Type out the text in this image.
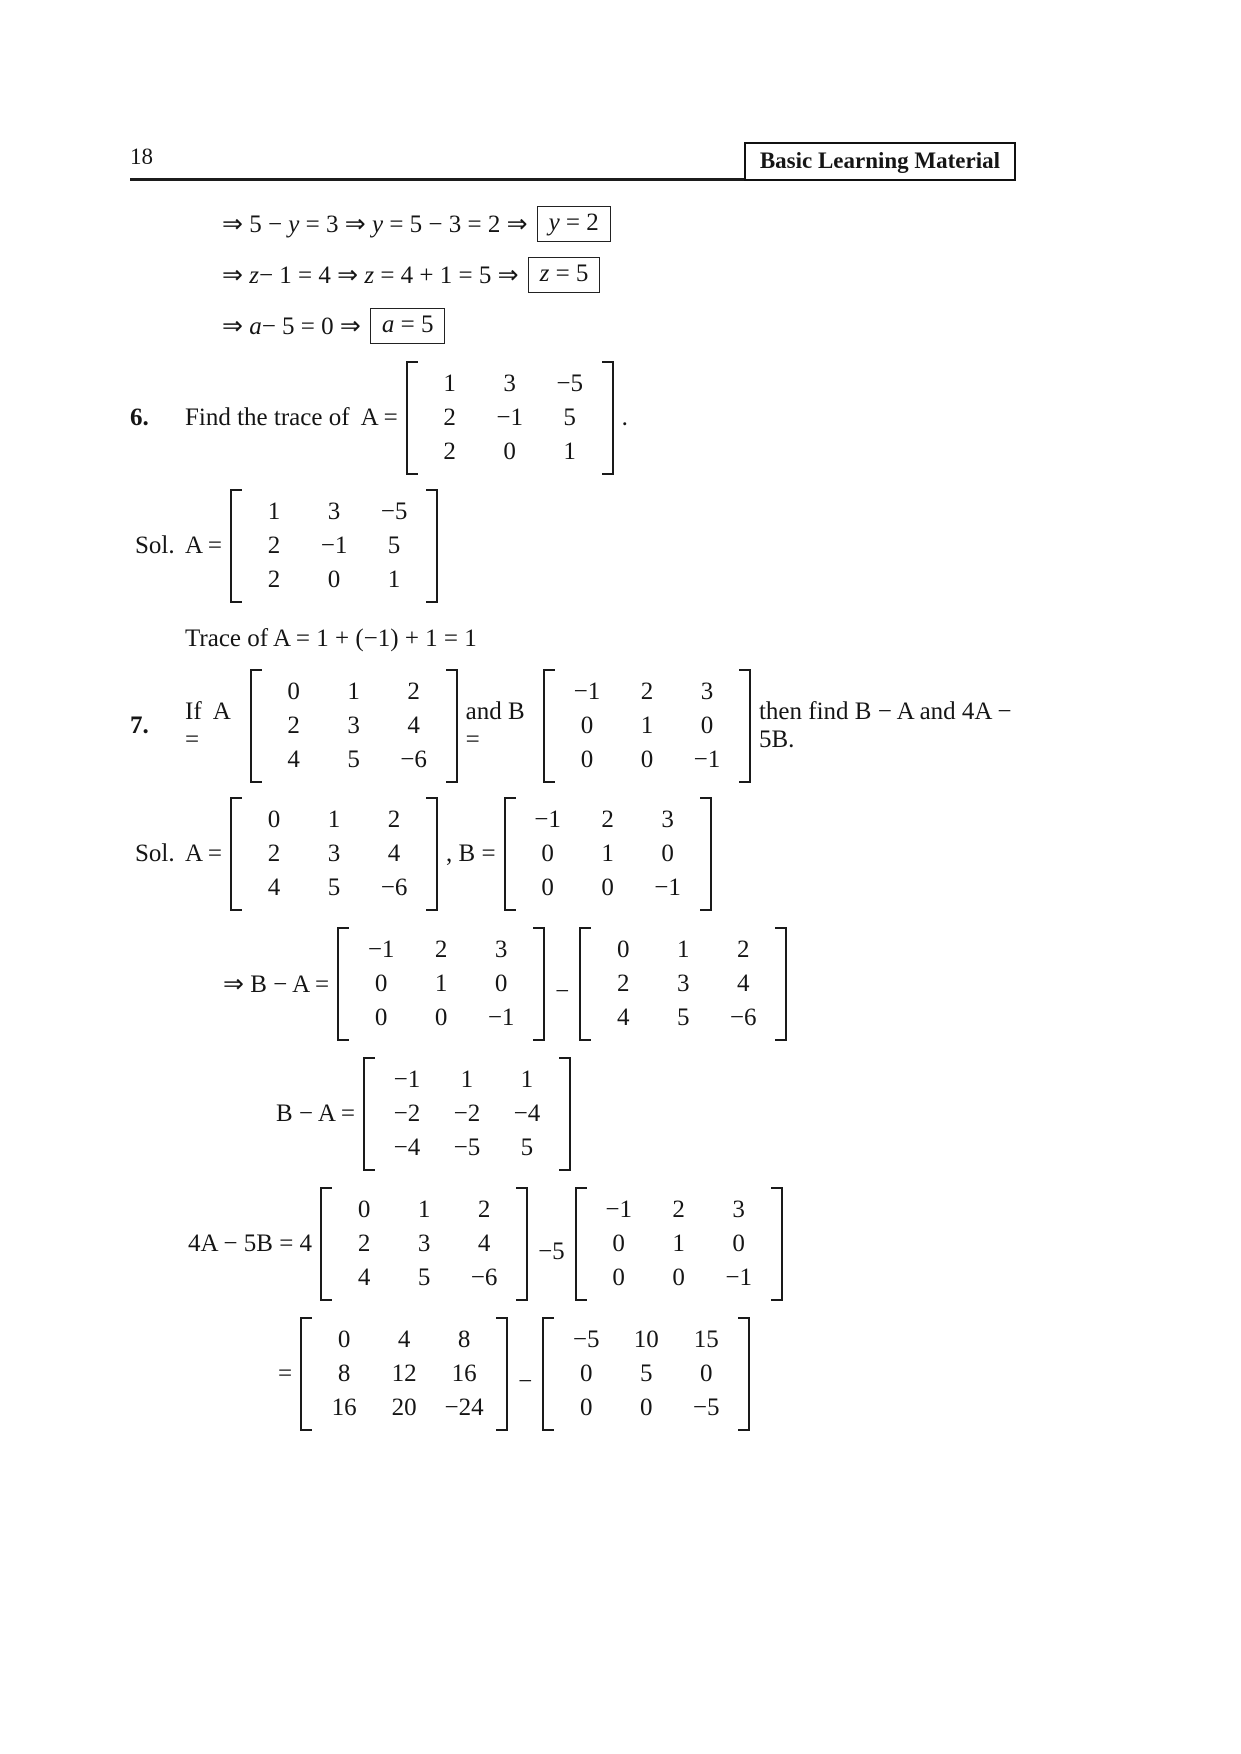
18	Basic Learning Material
⇒ 5 − y = 3 ⇒ y = 5 − 3 = 2 ⇒ y = 2
⇒ z− 1 = 4 ⇒ z = 4 + 1 = 5 ⇒ z = 5
⇒ a− 5 = 0 ⇒ a = 5
6.	Find the trace of  A =
1	3	−5
2	−1	5
2	0	1
.
Sol. A =
1	3	−5
2	−1	5
2	0	1
Trace of A = 1 + (−1) + 1 = 1
7.
If  A =
0	1	2
2	3	4
4	5	−6
and B =
−1	2	3
0	1	0
0	0	−1
then find B − A and 4A − 5B.
Sol. A =
0	1	2
2	3	4
4	5	−6
, B =
−1	2	3
0	1	0
0	0	−1
⇒ B − A =
−1	2	3
0	1	0
0	0	−1
−
0	1	2
2	3	4
4	5	−6
B − A =
−1	1	1
−2	−2	−4
−4	−5	5
4A − 5B = 4
0	1	2
2	3	4
4	5	−6
−5
−1	2	3
0	1	0
0	0	−1
=
0	4	8
8	12	16
16	20	−24
−
−5	10	15
0	5	0
0	0	−5
